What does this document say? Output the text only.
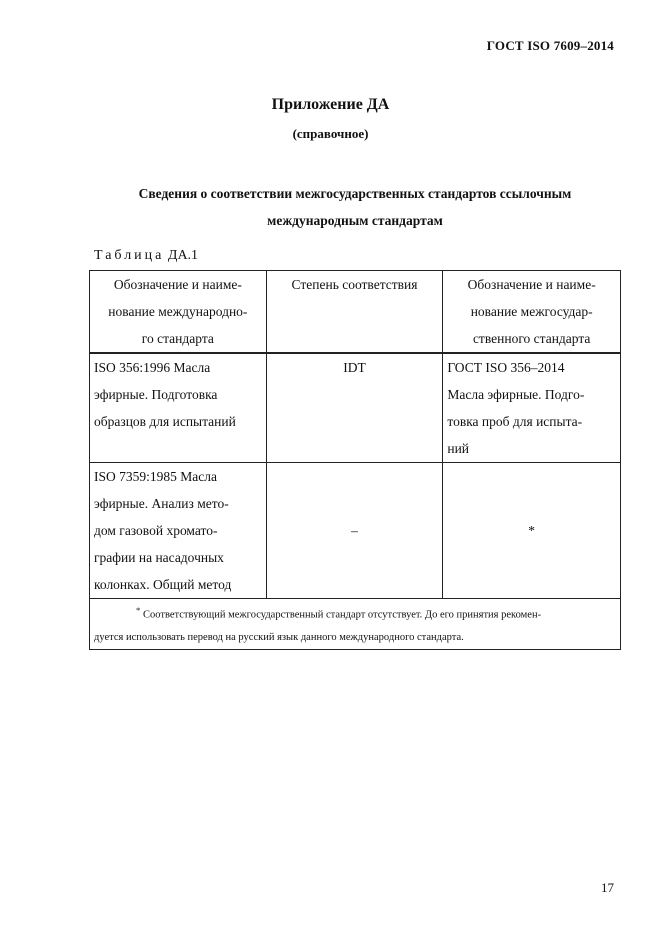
ГОСТ ISO 7609–2014
Приложение ДА
(справочное)
Сведения о соответствии межгосударственных стандартов ссылочным
международным стандартам
Таблица ДА.1
Обозначение и наиме-
нование международно-
го стандарта	Степень соответствия	Обозначение и наиме-
нование межгосудар-
ственного стандарта

ISO 356:1996 Масла
эфирные. Подготовка
образцов для испытаний	IDT	ГОСТ ISO 356–2014
Масла эфирные. Подго-
товка проб для испыта-
ний

ISO 7359:1985 Масла
эфирные. Анализ мето-
дом газовой хромато-
графии на насадочных
колонках. Общий метод	–	*

* Соответствующий межгосударственный стандарт отсутствует. До его принятия рекомен-
дуется использовать перевод на русский язык данного международного стандарта.		
17
